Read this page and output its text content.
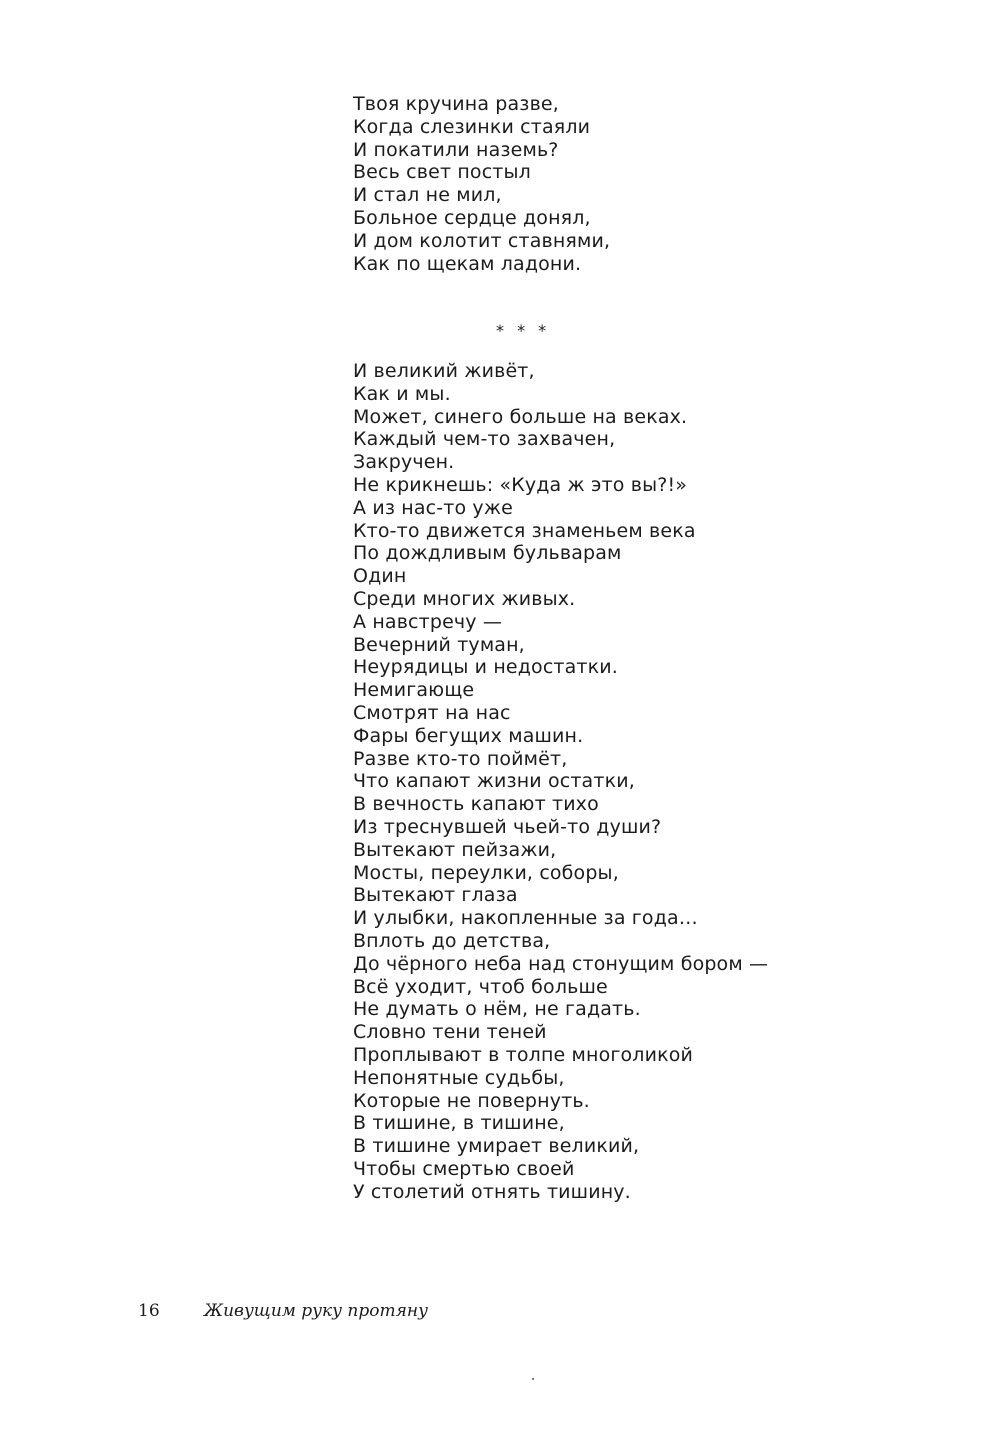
Твоя кручина разве,
Когда слезинки стаяли
И покатили наземь?
Весь свет постыл
И стал не мил,
Больное сердце донял,
И дом колотит ставнями,
Как по щекам ладони.
* * *
И великий живёт,
Как и мы.
Может, синего больше на веках.
Каждый чем-то захвачен,
Закручен.
Не крикнешь: «Куда ж это вы?!»
А из нас-то уже
Кто-то движется знаменьем века
По дождливым бульварам
Один
Среди многих живых.
А навстречу —
Вечерний туман,
Неурядицы и недостатки.
Немигающе
Смотрят на нас
Фары бегущих машин.
Разве кто-то поймёт,
Что капают жизни остатки,
В вечность капают тихо
Из треснувшей чьей-то души?
Вытекают пейзажи,
Мосты, переулки, соборы,
Вытекают глаза
И улыбки, накопленные за года…
Вплоть до детства,
До чёрного неба над стонущим бором —
Всё уходит, чтоб больше
Не думать о нём, не гадать.
Словно тени теней
Проплывают в толпе многоликой
Непонятные судьбы,
Которые не повернуть.
В тишине, в тишине,
В тишине умирает великий,
Чтобы смертью своей
У столетий отнять тишину.
16	Живущим руку протяну
